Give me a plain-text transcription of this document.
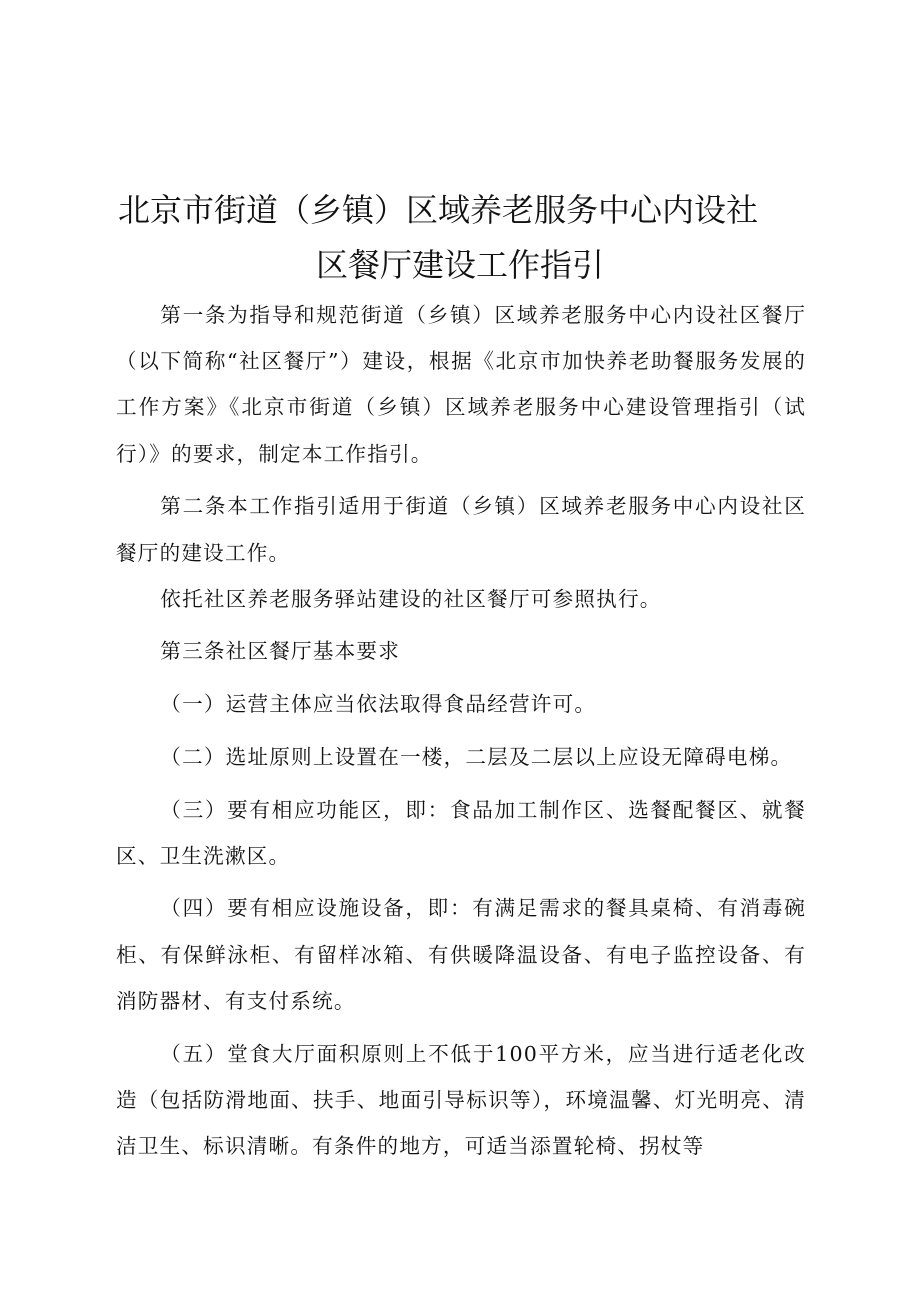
北京市街道（乡镇）区域养老服务中心内设社
区餐厅建设工作指引

第一条为指导和规范街道（乡镇）区域养老服务中心内设社区餐厅（以下简称“社区餐厅”）建设，根据《北京市加快养老助餐服务发展的工作方案》《北京市街道（乡镇）区域养老服务中心建设管理指引（试行）》的要求，制定本工作指引。

第二条本工作指引适用于街道（乡镇）区域养老服务中心内设社区餐厅的建设工作。

依托社区养老服务驿站建设的社区餐厅可参照执行。

第三条社区餐厅基本要求

（一）运营主体应当依法取得食品经营许可。

（二）选址原则上设置在一楼，二层及二层以上应设无障碍电梯。

（三）要有相应功能区，即：食品加工制作区、选餐配餐区、就餐区、卫生洗漱区。

（四）要有相应设施设备，即：有满足需求的餐具桌椅、有消毒碗柜、有保鲜泳柜、有留样冰箱、有供暖降温设备、有电子监控设备、有消防器材、有支付系统。

（五）堂食大厅面积原则上不低于100平方米，应当进行适老化改造（包括防滑地面、扶手、地面引导标识等），环境温馨、灯光明亮、清洁卫生、标识清晰。有条件的地方，可适当添置轮椅、拐杖等
